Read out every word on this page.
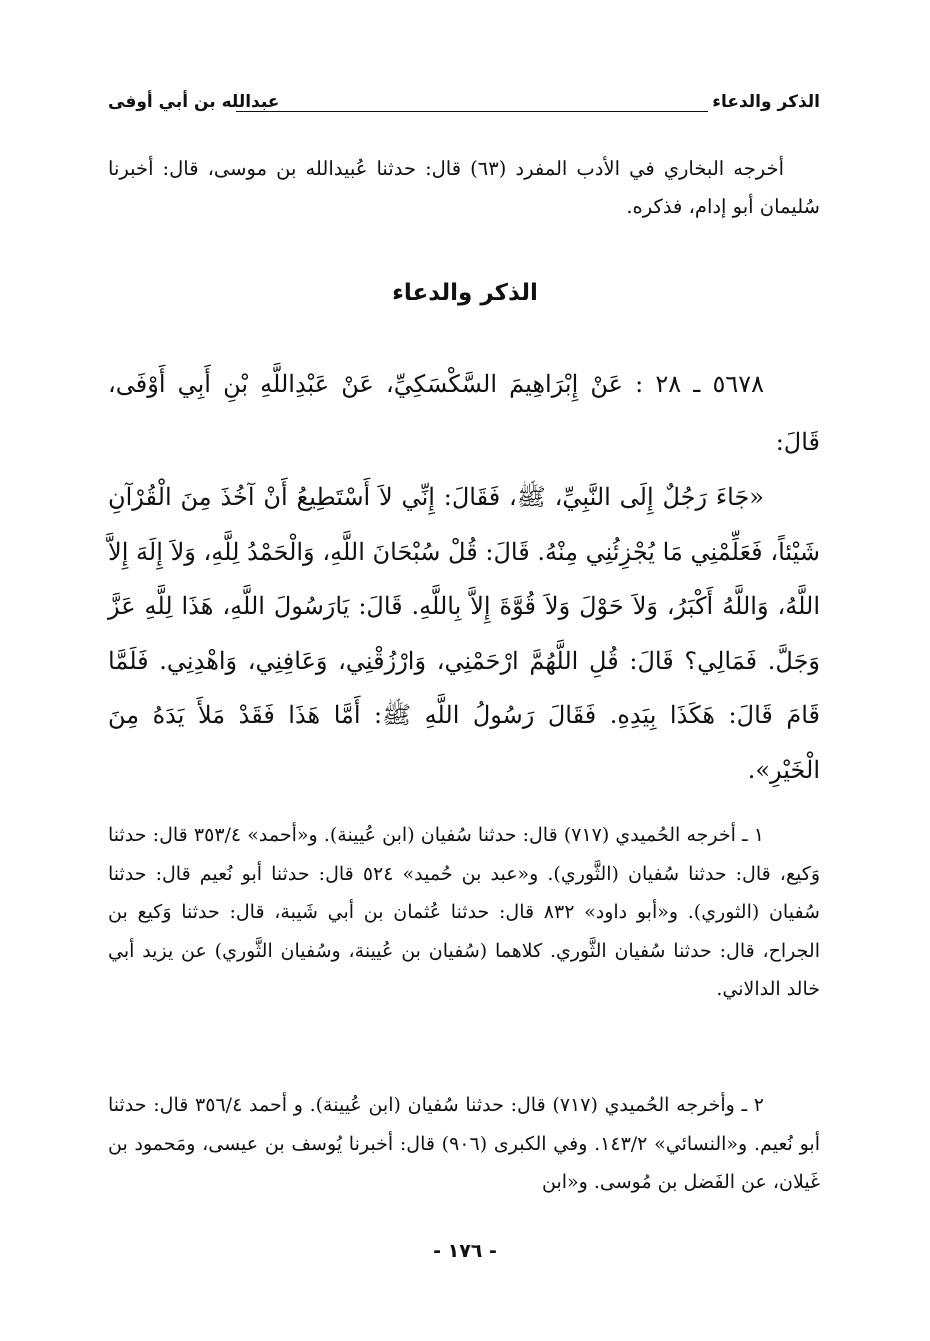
الذكر والدعاء
عبدالله بن أبي أوفى

أخرجه البخاري في الأدب المفرد (٦٣) قال: حدثنا عُبيدالله بن موسى، قال: أخبرنا سُليمان أبو إدام، فذكره.

الذكر والدعاء

٥٦٧٨ ـ ٢٨ : عَنْ إِبْرَاهِيمَ السَّكْسَكِيِّ، عَنْ عَبْدِاللَّهِ بْنِ أَبِي أَوْفَى، قَالَ:

«جَاءَ رَجُلٌ إِلَى النَّبِيِّ، ﷺ، فَقَالَ: إِنِّي لاَ أَسْتَطِيعُ أَنْ آخُذَ مِنَ الْقُرْآنِ شَيْئاً، فَعَلِّمْنِي مَا يُجْزِئُنِي مِنْهُ. قَالَ: قُلْ سُبْحَانَ اللَّهِ، وَالْحَمْدُ لِلَّهِ، وَلاَ إِلَهَ إِلاَّ اللَّهُ، وَاللَّهُ أَكْبَرُ، وَلاَ حَوْلَ وَلاَ قُوَّةَ إِلاَّ بِاللَّهِ. قَالَ: يَارَسُولَ اللَّهِ، هَذَا لِلَّهِ عَزَّ وَجَلَّ. فَمَالِي؟ قَالَ: قُلِ اللَّهُمَّ ارْحَمْنِي، وَارْزُقْنِي، وَعَافِنِي، وَاهْدِنِي. فَلَمَّا قَامَ قَالَ: هَكَذَا بِيَدِهِ. فَقَالَ رَسُولُ اللَّهِ ﷺ: أَمَّا هَذَا فَقَدْ مَلأَ يَدَهُ مِنَ الْخَيْرِ».

١ ـ أخرجه الحُميدي (٧١٧) قال: حدثنا سُفيان (ابن عُيينة). و«أحمد» ٣٥٣/٤ قال: حدثنا وَكيع، قال: حدثنا سُفيان (الثَّوري). و«عبد بن حُميد» ٥٢٤ قال: حدثنا أبو نُعيم قال: حدثنا سُفيان (الثوري). و«أبو داود» ٨٣٢ قال: حدثنا عُثمان بن أبي شَيبة، قال: حدثنا وَكيع بن الجراح، قال: حدثنا سُفيان الثَّوري. كلاهما (سُفيان بن عُيينة، وسُفيان الثَّوري) عن يزيد أبي خالد الدالاني.

٢ ـ وأخرجه الحُميدي (٧١٧) قال: حدثنا سُفيان (ابن عُيينة). و أحمد ٣٥٦/٤ قال: حدثنا أبو نُعيم. و«النسائي» ١٤٣/٢. وفي الكبرى (٩٠٦) قال: أخبرنا يُوسف بن عيسى، ومَحمود بن غَيلان، عن الفَضل بن مُوسى. و«ابن

- ١٧٦ -
